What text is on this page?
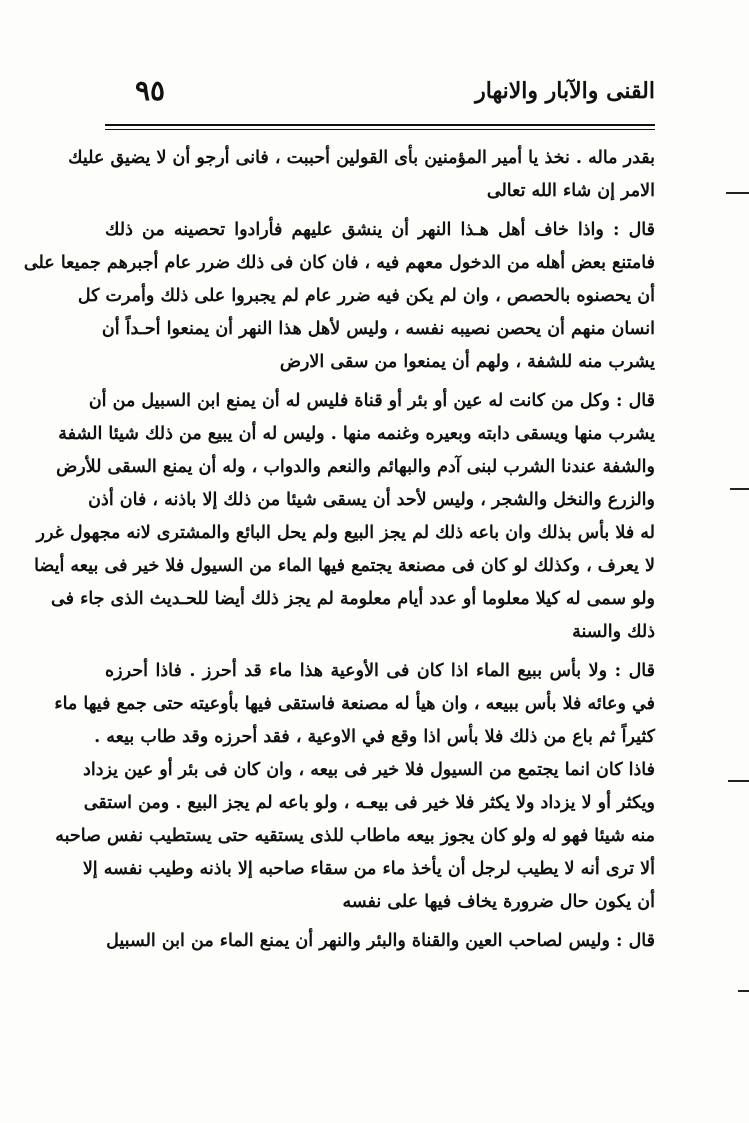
القنى والآبار والانهار
٩٥
بقدر ماله . نخذ يا أمير المؤمنين بأى القولين أحببت ، فانى أرجو أن لا يضيق عليك
الامر إن شاء الله تعالى
قال : واذا خاف أهل هـذا النهر أن ينشق عليهم فأرادوا تحصينه من ذلك
فامتنع بعض أهله من الدخول معهم فيه ، فان كان فى ذلك ضرر عام أجبرهم جميعا على
أن يحصنوه بالحصص ، وان لم يكن فيه ضرر عام لم يجبروا على ذلك وأمرت كل
انسان منهم أن يحصن نصيبه نفسه ، وليس لأهل هذا النهر أن يمنعوا أحـداً أن
يشرب منه للشفة ، ولهم أن يمنعوا من سقى الارض
قال : وكل من كانت له عين أو بئر أو قناة فليس له أن يمنع ابن السبيل من أن
يشرب منها ويسقى دابته وبعيره وغنمه منها . وليس له أن يبيع من ذلك شيئا الشفة
والشفة عندنا الشرب لبنى آدم والبهائم والنعم والدواب ، وله أن يمنع السقى للأرض
والزرع والنخل والشجر ، وليس لأحد أن يسقى شيئا من ذلك إلا باذنه ، فان أذن
له فلا بأس بذلك وان باعه ذلك لم يجز البيع ولم يحل البائع والمشترى لانه مجهول غرر
لا يعرف ، وكذلك لو كان فى مصنعة يجتمع فيها الماء من السيول فلا خير فى بيعه أيضا
ولو سمى له كيلا معلوما أو عدد أيام معلومة لم يجز ذلك أيضا للحـديث الذى جاء فى
ذلك والسنة
قال : ولا بأس ببيع الماء اذا كان فى الأوعية هذا ماء قد أحرز . فاذا أحرزه
في وعائه فلا بأس ببيعه ، وان هيأ له مصنعة فاستقى فيها بأوعيته حتى جمع فيها ماء
كثيراً ثم باع من ذلك فلا بأس اذا وقع في الاوعية ، فقد أحرزه وقد طاب بيعه .
فاذا كان انما يجتمع من السيول فلا خير فى بيعه ، وان كان فى بئر أو عين يزداد
ويكثر أو لا يزداد ولا يكثر فلا خير فى بيعـه ، ولو باعه لم يجز البيع . ومن استقى
منه شيئا فهو له ولو كان يجوز بيعه ماطاب للذى يستقيه حتى يستطيب نفس صاحبه
ألا ترى أنه لا يطيب لرجل أن يأخذ ماء من سقاء صاحبه إلا باذنه وطيب نفسه إلا
أن يكون حال ضرورة يخاف فيها على نفسه
قال : وليس لصاحب العين والقناة والبئر والنهر أن يمنع الماء من ابن السبيل
